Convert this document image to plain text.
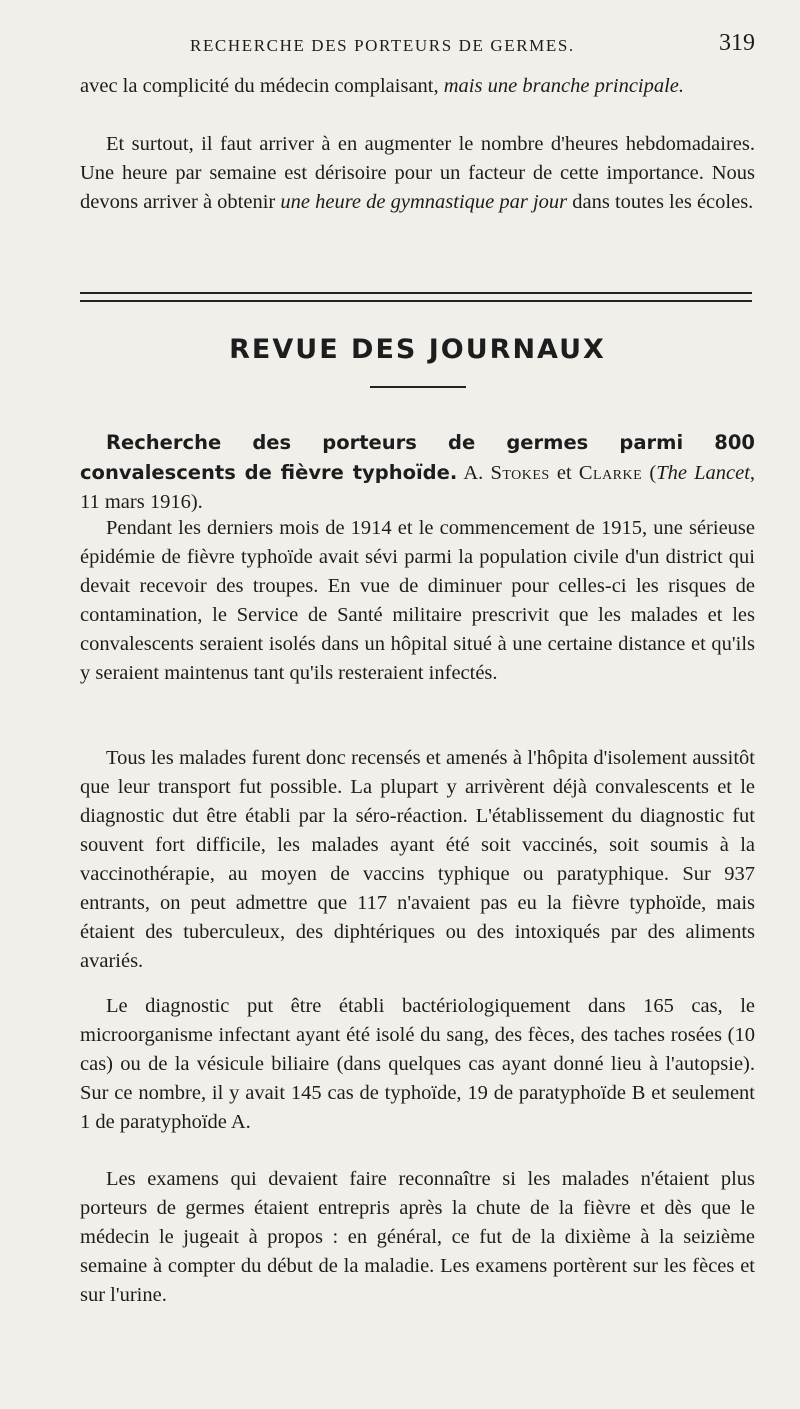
RECHERCHE DES PORTEURS DE GERMES.	319

avec la complicité du médecin complaisant, mais une branche principale.

Et surtout, il faut arriver à en augmenter le nombre d'heures hebdomadaires. Une heure par semaine est dérisoire pour un facteur de cette importance. Nous devons arriver à obtenir une heure de gymnastique par jour dans toutes les écoles.

REVUE DES JOURNAUX

Recherche des porteurs de germes parmi 800 convalescents de fièvre typhoïde. A. Stokes et Clarke (The Lancet, 11 mars 1916).

Pendant les derniers mois de 1914 et le commencement de 1915, une sérieuse épidémie de fièvre typhoïde avait sévi parmi la population civile d'un district qui devait recevoir des troupes. En vue de diminuer pour celles-ci les risques de contamination, le Service de Santé militaire prescrivit que les malades et les convalescents seraient isolés dans un hôpital situé à une certaine distance et qu'ils y seraient maintenus tant qu'ils resteraient infectés.

Tous les malades furent donc recensés et amenés à l'hôpita d'isolement aussitôt que leur transport fut possible. La plupart y arrivèrent déjà convalescents et le diagnostic dut être établi par la séro-réaction. L'établissement du diagnostic fut souvent fort difficile, les malades ayant été soit vaccinés, soit soumis à la vaccinothérapie, au moyen de vaccins typhique ou paratyphique. Sur 937 entrants, on peut admettre que 117 n'avaient pas eu la fièvre typhoïde, mais étaient des tuberculeux, des diphtériques ou des intoxiqués par des aliments avariés.

Le diagnostic put être établi bactériologiquement dans 165 cas, le microorganisme infectant ayant été isolé du sang, des fèces, des taches rosées (10 cas) ou de la vésicule biliaire (dans quelques cas ayant donné lieu à l'autopsie). Sur ce nombre, il y avait 145 cas de typhoïde, 19 de paratyphoïde B et seulement 1 de paratyphoïde A.

Les examens qui devaient faire reconnaître si les malades n'étaient plus porteurs de germes étaient entrepris après la chute de la fièvre et dès que le médecin le jugeait à propos : en général, ce fut de la dixième à la seizième semaine à compter du début de la maladie. Les examens portèrent sur les fèces et sur l'urine.
